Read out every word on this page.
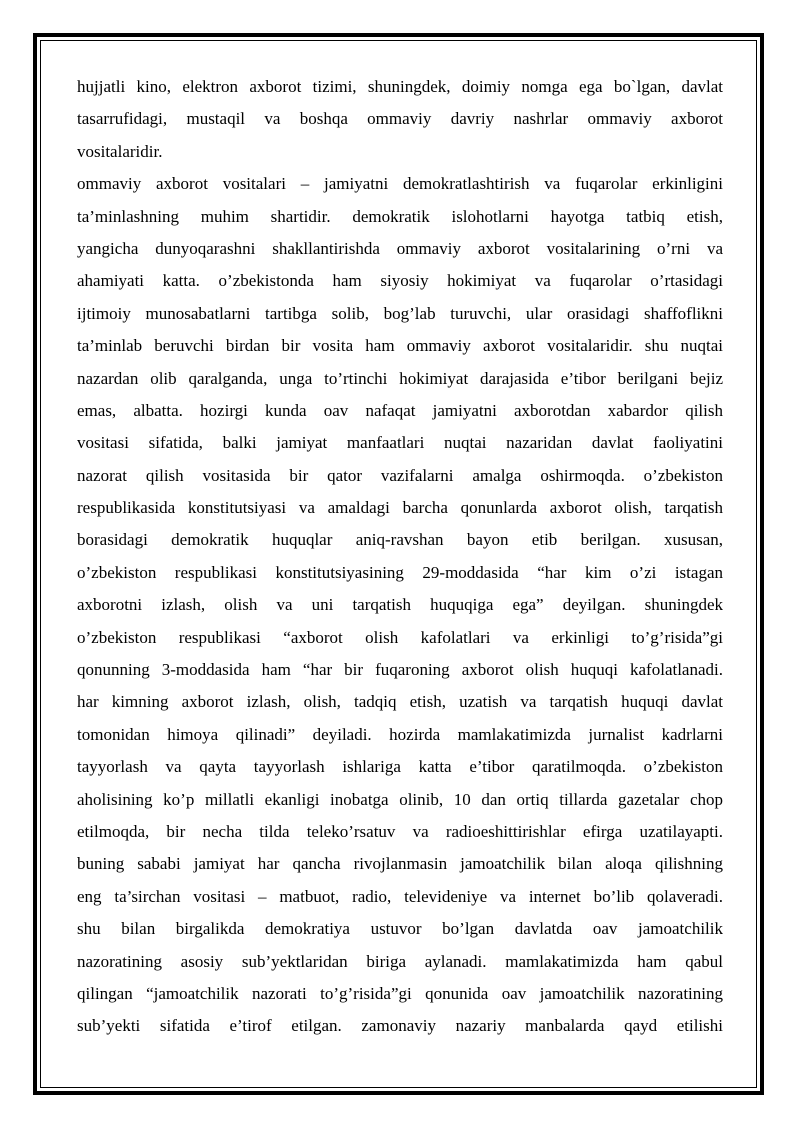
hujjatli kino, elektron axborot tizimi, shuningdek, doimiy nomga ega bo`lgan, davlat
tasarrufidagi, mustaqil va boshqa ommaviy davriy nashrlar ommaviy axborot
vositalaridir.
ommaviy axborot vositalari – jamiyatni demokratlashtirish va fuqarolar erkinligini
ta’minlashning muhim shartidir. demokratik islohotlarni hayotga tatbiq etish,
yangicha dunyoqarashni shakllantirishda ommaviy axborot vositalarining o’rni va
ahamiyati katta. o’zbekistonda ham siyosiy hokimiyat va fuqarolar o’rtasidagi
ijtimoiy munosabatlarni tartibga solib, bog’lab turuvchi, ular orasidagi shaffoflikni
ta’minlab beruvchi birdan bir vosita ham ommaviy axborot vositalaridir. shu nuqtai
nazardan olib qaralganda, unga to’rtinchi hokimiyat darajasida e’tibor berilgani bejiz
emas, albatta. hozirgi kunda oav nafaqat jamiyatni axborotdan xabardor qilish
vositasi sifatida, balki jamiyat manfaatlari nuqtai nazaridan davlat faoliyatini
nazorat qilish vositasida bir qator vazifalarni amalga oshirmoqda. o’zbekiston
respublikasida konstitutsiyasi va amaldagi barcha qonunlarda axborot olish, tarqatish
borasidagi demokratik huquqlar aniq-ravshan bayon etib berilgan. xususan,
o’zbekiston respublikasi konstitutsiyasining 29-moddasida “har kim o’zi istagan
axborotni izlash, olish va uni tarqatish huquqiga ega” deyilgan. shuningdek
o’zbekiston respublikasi “axborot olish kafolatlari va erkinligi to’g’risida”gi
qonunning 3-moddasida ham “har bir fuqaroning axborot olish huquqi kafolatlanadi.
har kimning axborot izlash, olish, tadqiq etish, uzatish va tarqatish huquqi davlat
tomonidan himoya qilinadi” deyiladi. hozirda mamlakatimizda jurnalist kadrlarni
tayyorlash va qayta tayyorlash ishlariga katta e’tibor qaratilmoqda. o’zbekiston
aholisining ko’p millatli ekanligi inobatga olinib, 10 dan ortiq tillarda gazetalar chop
etilmoqda, bir necha tilda teleko’rsatuv va radioeshittirishlar efirga uzatilayapti.
buning sababi jamiyat har qancha rivojlanmasin jamoatchilik bilan aloqa qilishning
eng ta’sirchan vositasi – matbuot, radio, televideniye va internet bo’lib qolaveradi.
shu bilan birgalikda demokratiya ustuvor bo’lgan davlatda oav jamoatchilik
nazoratining asosiy sub’yektlaridan biriga aylanadi. mamlakatimizda ham qabul
qilingan “jamoatchilik nazorati to’g’risida”gi qonunida oav jamoatchilik nazoratining
sub’yekti sifatida e’tirof etilgan. zamonaviy nazariy manbalarda qayd etilishi
